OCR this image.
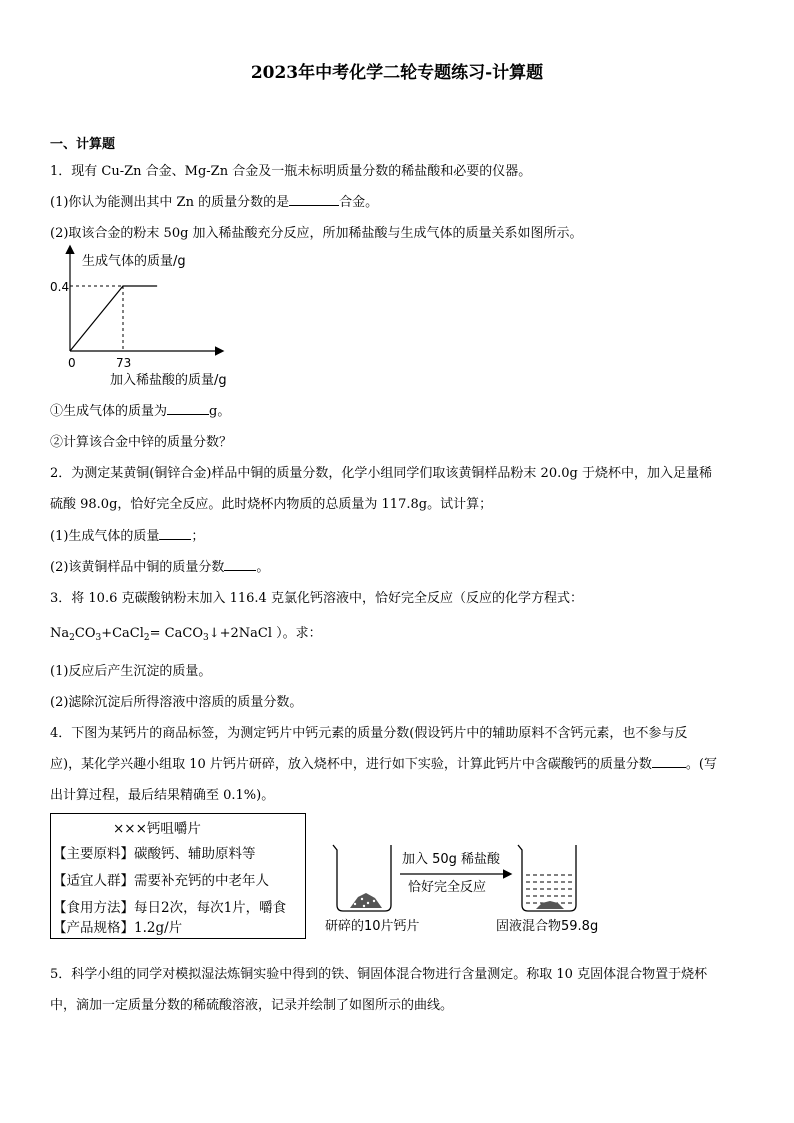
2023年中考化学二轮专题练习-计算题
一、计算题
1．现有 Cu-Zn 合金、Mg-Zn 合金及一瓶未标明质量分数的稀盐酸和必要的仪器。
(1)你认为能测出其中 Zn 的质量分数的是	合金。
(2)取该合金的粉末 50g 加入稀盐酸充分反应，所加稀盐酸与生成气体的质量关系如图所示。
生成气体的质量/g
0.4
0	73
加入稀盐酸的质量/g
①生成气体的质量为	g。
②计算该合金中锌的质量分数？
2．为测定某黄铜(铜锌合金)样品中铜的质量分数，化学小组同学们取该黄铜样品粉末 20.0g 于烧杯中，加入足量稀
硫酸 98.0g，恰好完全反应。此时烧杯内物质的总质量为 117.8g。试计算；
(1)生成气体的质量 ；
(2)该黄铜样品中铜的质量分数 。
3．将 10.6 克碳酸钠粉末加入 116.4 克氯化钙溶液中，恰好完全反应（反应的化学方程式：
$Na_2CO_3+CaCl_2=$ CaCO$_3$↓+2NaCl ）。求：
(1)反应后产生沉淀的质量。
(2)滤除沉淀后所得溶液中溶质的质量分数。
4．下图为某钙片的商品标签，为测定钙片中钙元素的质量分数(假设钙片中的辅助原料不含钙元素，也不参与反
应)，某化学兴趣小组取 10 片钙片研碎，放入烧杯中，进行如下实验，计算此钙片中含碳酸钙的质量分数	。(写
出计算过程，最后结果精确至 0.1%)。
×××钙咀嚼片
【主要原料】碳酸钙、辅助原料等
【适宜人群】需要补充钙的中老年人
【食用方法】每日2次，每次1片，嚼食
【产品规格】1.2g/片
加入 50g 稀盐酸
恰好完全反应
研碎的10片钙片	固液混合物59.8g
5．科学小组的同学对模拟湿法炼铜实验中得到的铁、铜固体混合物进行含量测定。称取 10 克固体混合物置于烧杯
中，滴加一定质量分数的稀硫酸溶液，记录并绘制了如图所示的曲线。
